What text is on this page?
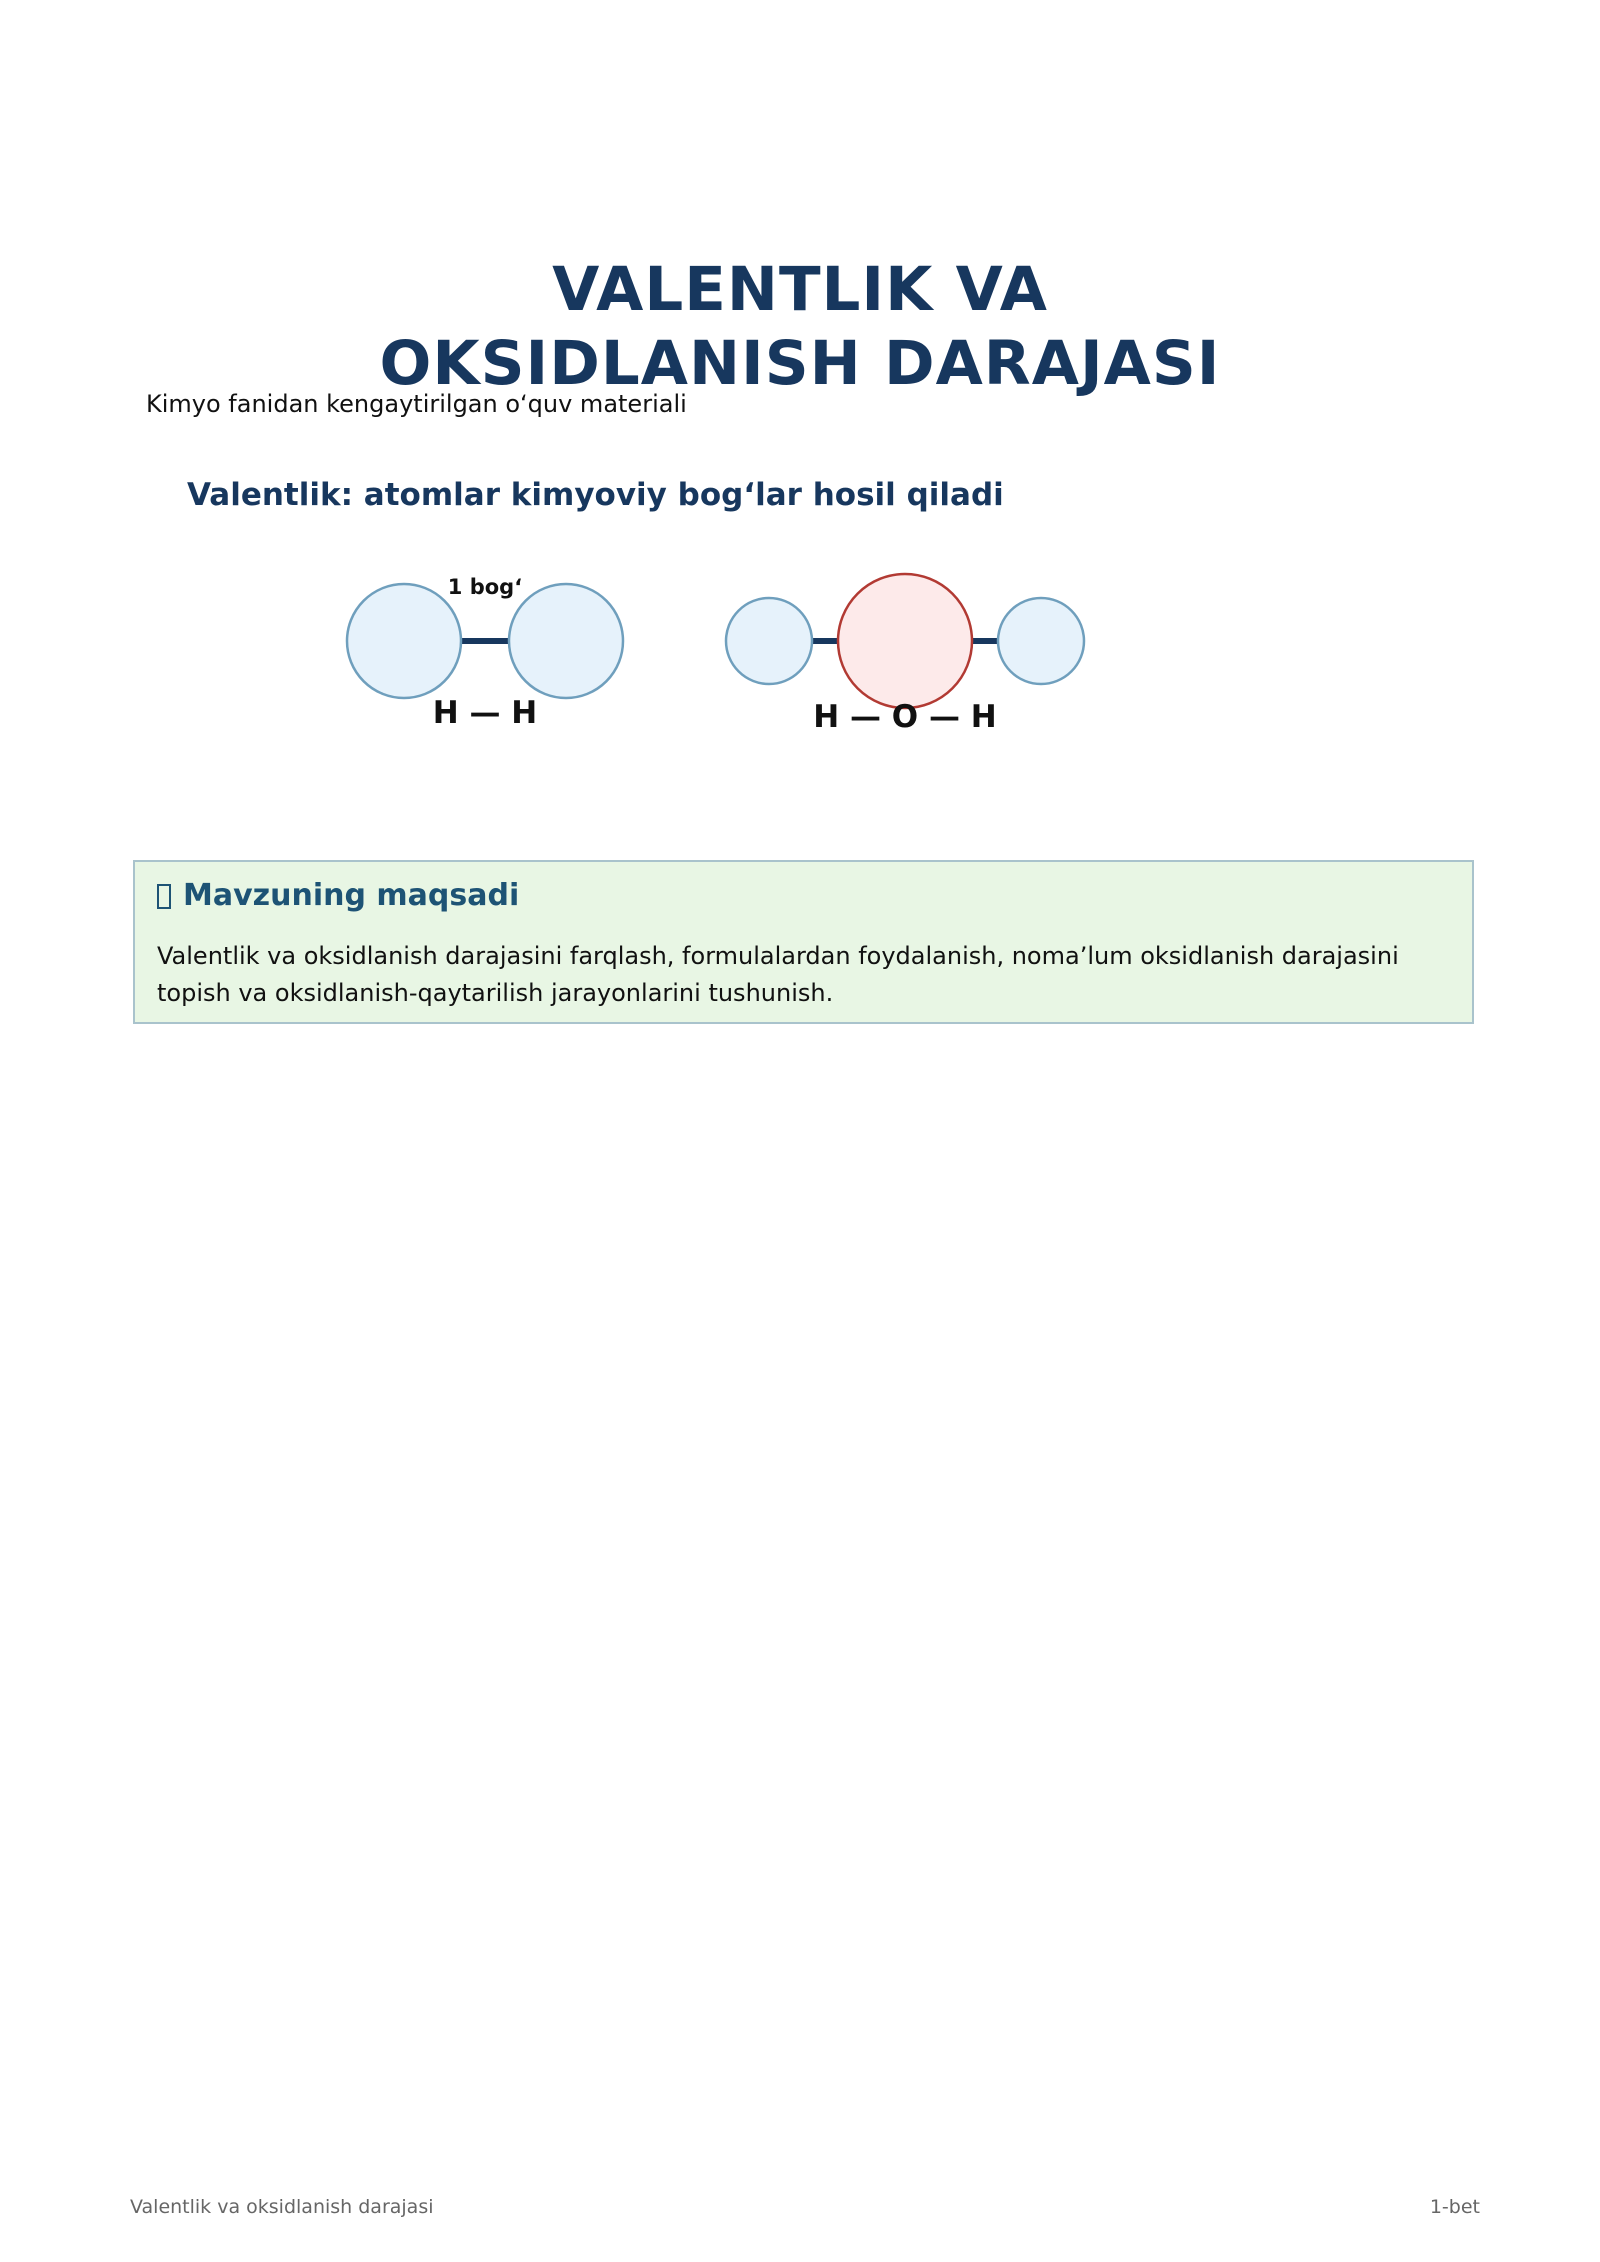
VALENTLIK VA
OKSIDLANISH DARAJASI
Kimyo fanidan kengaytirilgan o‘quv materiali
Valentlik: atomlar kimyoviy bog‘lar hosil qiladi
1 bog‘
H — H	H — O — H
Mavzuning maqsadi
Valentlik va oksidlanish darajasini farqlash, formulalardan foydalanish, noma’lum oksidlanish darajasini topish va oksidlanish-qaytarilish jarayonlarini tushunish.
Valentlik va oksidlanish darajasi	1-bet
